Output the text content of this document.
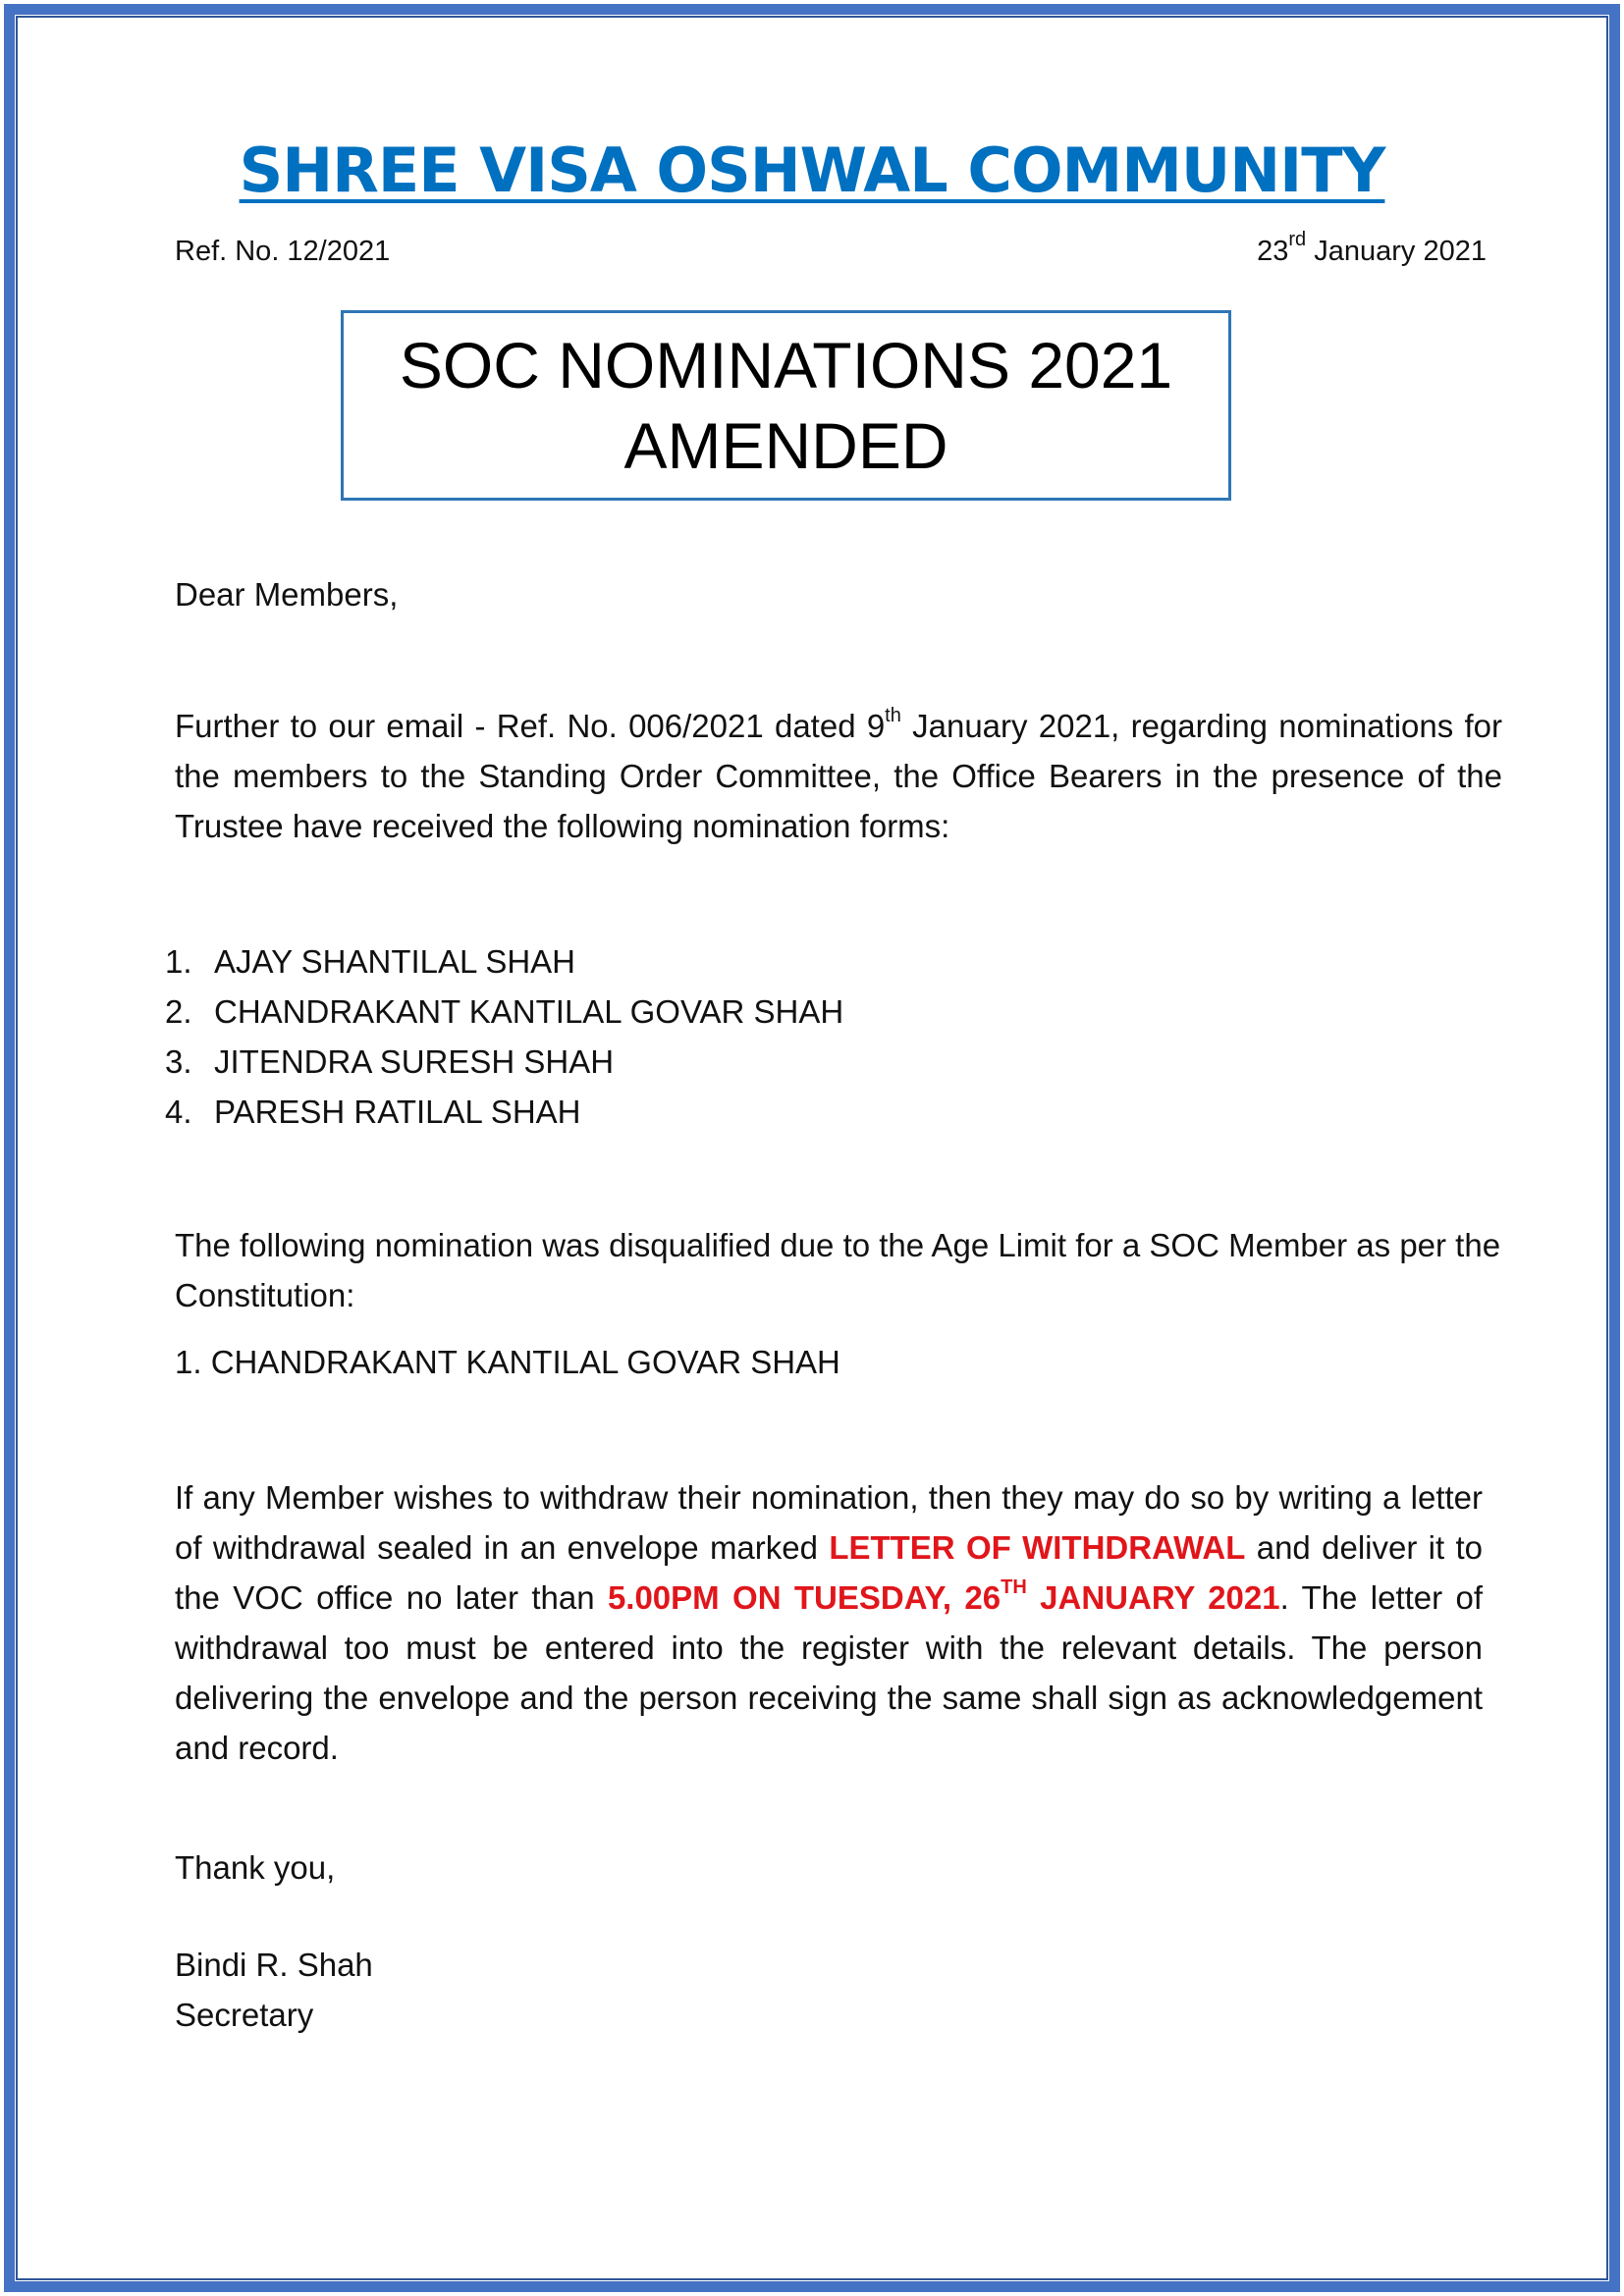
SHREE VISA OSHWAL COMMUNITY
Ref. No. 12/2021	23rd January 2021
SOC NOMINATIONS 2021
AMENDED
Dear Members,
Further to our email - Ref. No. 006/2021 dated 9th January 2021, regarding nominations for the members to the Standing Order Committee, the Office Bearers in the presence of the Trustee have received the following nomination forms:
1. AJAY SHANTILAL SHAH
2. CHANDRAKANT KANTILAL GOVAR SHAH
3. JITENDRA SURESH SHAH
4. PARESH RATILAL SHAH
The following nomination was disqualified due to the Age Limit for a SOC Member as per the Constitution:
1. CHANDRAKANT KANTILAL GOVAR SHAH
If any Member wishes to withdraw their nomination, then they may do so by writing a letter of withdrawal sealed in an envelope marked LETTER OF WITHDRAWAL and deliver it to the VOC office no later than 5.00PM ON TUESDAY, 26TH JANUARY 2021. The letter of withdrawal too must be entered into the register with the relevant details. The person delivering the envelope and the person receiving the same shall sign as acknowledgement and record.
Thank you,
Bindi R. Shah
Secretary
